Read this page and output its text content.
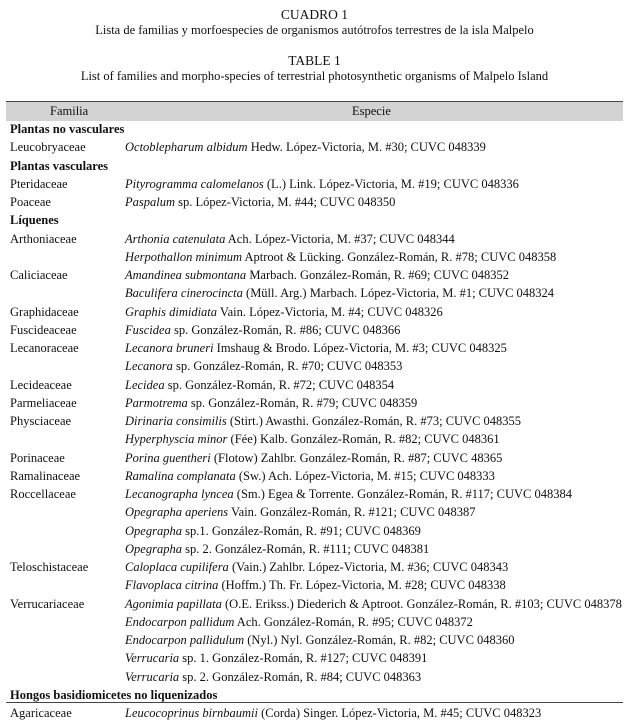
CUADRO 1
Lista de familias y morfoespecies de organismos autótrofos terrestres de la isla Malpelo
TABLE 1
List of families and morpho-species of terrestrial photosynthetic organisms of Malpelo Island
Familia	Especie
Plantas no vasculares
Leucobryaceae	Octoblepharum albidum Hedw. López-Victoria, M. #30; CUVC 048339
Plantas vasculares
Pteridaceae	Pityrogramma calomelanos (L.) Link. López-Victoria, M. #19; CUVC 048336
Poaceae	Paspalum sp. López-Victoria, M. #44; CUVC 048350
Líquenes
Arthoniaceae	Arthonia catenulata Ach. López-Victoria, M. #37; CUVC 048344
Herpothallon minimum Aptroot & Lücking. González-Román, R. #78; CUVC 048358
Caliciaceae	Amandinea submontana Marbach. González-Román, R. #69; CUVC 048352
Baculifera cinerocincta (Müll. Arg.) Marbach. López-Victoria, M. #1; CUVC 048324
Graphidaceae	Graphis dimidiata Vain. López-Victoria, M. #4; CUVC 048326
Fuscideaceae	Fuscidea sp. González-Román, R. #86; CUVC 048366
Lecanoraceae	Lecanora bruneri Imshaug & Brodo. López-Victoria, M. #3; CUVC 048325
Lecanora sp. González-Román, R. #70; CUVC 048353
Lecideaceae	Lecidea sp. González-Román, R. #72; CUVC 048354
Parmeliaceae	Parmotrema sp. González-Román, R. #79; CUVC 048359
Physciaceae	Dirinaria consimilis (Stirt.) Awasthi. González-Román, R. #73; CUVC 048355
Hyperphyscia minor (Fée) Kalb. González-Román, R. #82; CUVC 048361
Porinaceae	Porina guentheri (Flotow) Zahlbr. González-Román, R. #87; CUVC 48365
Ramalinaceae	Ramalina complanata (Sw.) Ach. López-Victoria, M. #15; CUVC 048333
Roccellaceae	Lecanographa lyncea (Sm.) Egea & Torrente. González-Román, R. #117; CUVC 048384
Opegrapha aperiens Vain. González-Román, R. #121; CUVC 048387
Opegrapha sp.1. González-Román, R. #91; CUVC 048369
Opegrapha sp. 2. González-Román, R. #111; CUVC 048381
Teloschistaceae	Caloplaca cupilifera (Vain.) Zahlbr. López-Victoria, M. #36; CUVC 048343
Flavoplaca citrina (Hoffm.) Th. Fr. López-Victoria, M. #28; CUVC 048338
Verrucariaceae	Agonimia papillata (O.E. Erikss.) Diederich & Aptroot. González-Román, R. #103; CUVC 048378
Endocarpon pallidum Ach. González-Román, R. #95; CUVC 048372
Endocarpon pallidulum (Nyl.) Nyl. González-Román, R. #82; CUVC 048360
Verrucaria sp. 1. González-Román, R. #127; CUVC 048391
Verrucaria sp. 2. González-Román, R. #84; CUVC 048363
Hongos basidiomicetes no liquenizados
Agaricaceae	Leucocoprinus birnbaumii (Corda) Singer. López-Victoria, M. #45; CUVC 048323
